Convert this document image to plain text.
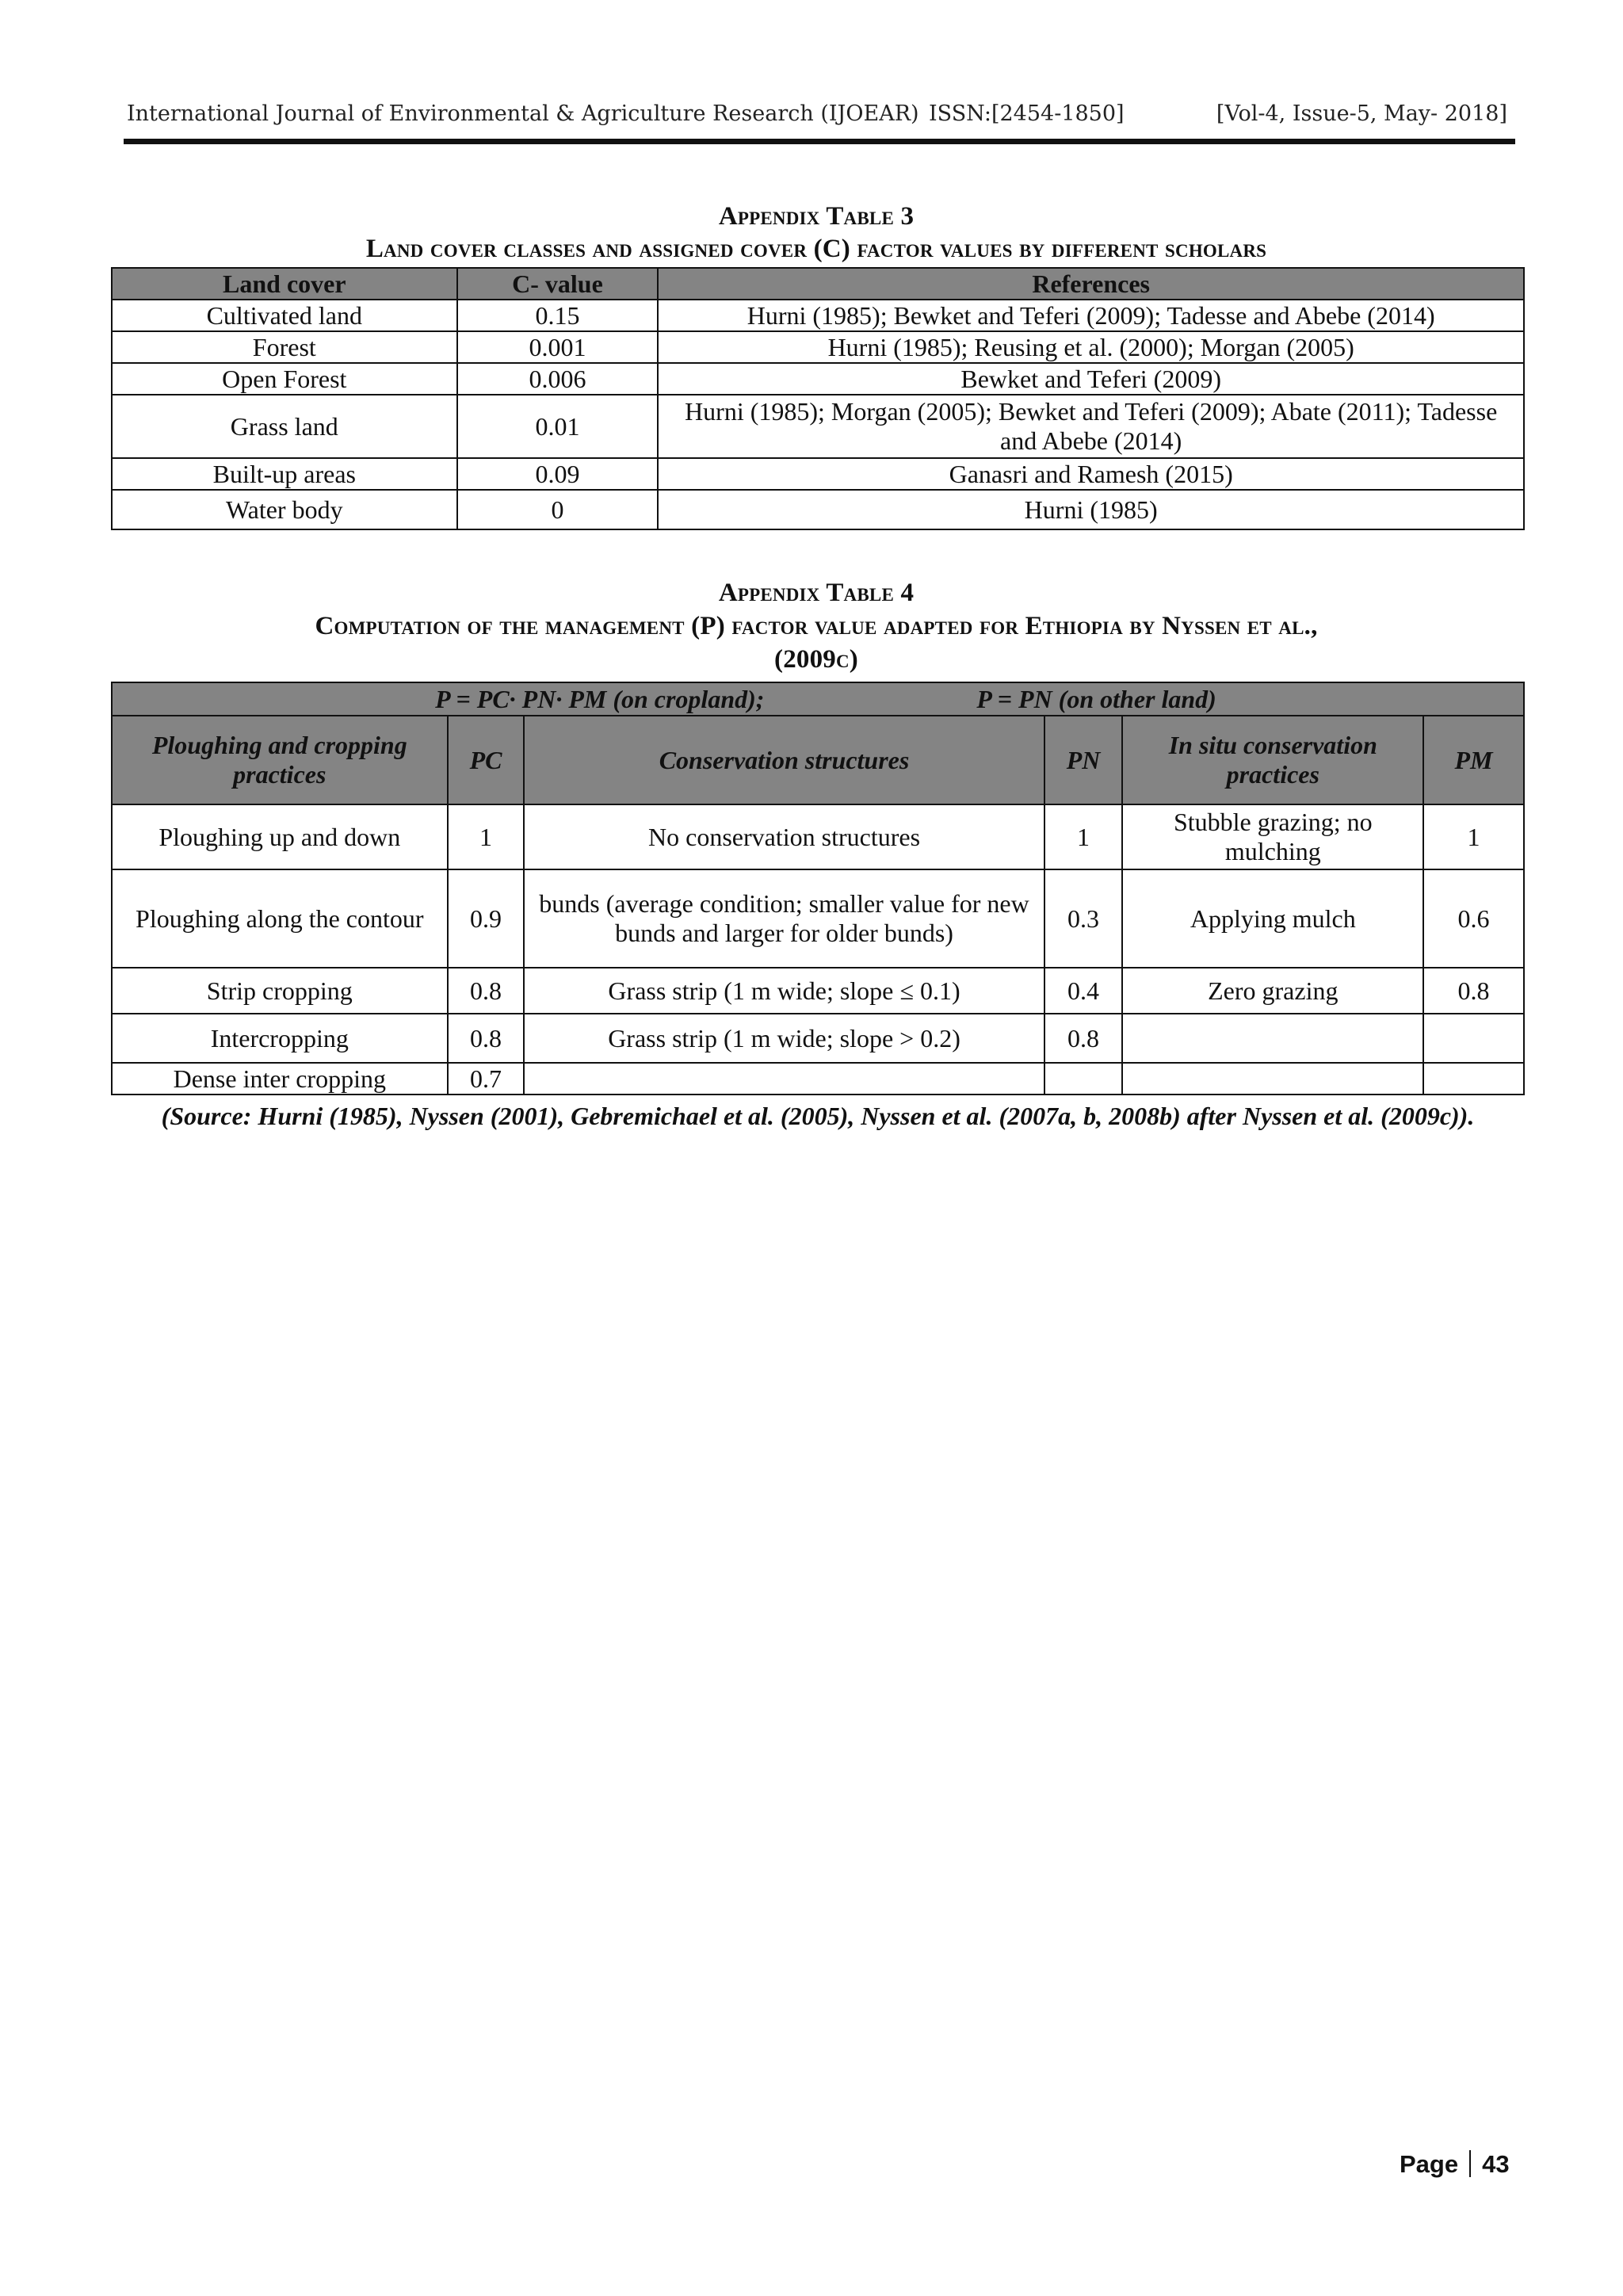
International Journal of Environmental & Agriculture Research (IJOEAR) ISSN:[2454-1850]	[Vol-4, Issue-5, May- 2018]
Appendix Table 3
Land cover classes and assigned cover (C) factor values by different scholars
Land cover	C- value	References
Cultivated land	0.15	Hurni (1985); Bewket and Teferi (2009); Tadesse and Abebe (2014)
Forest	0.001	Hurni (1985); Reusing et al. (2000); Morgan (2005)
Open Forest	0.006	Bewket and Teferi (2009)
Grass land	0.01	Hurni (1985); Morgan (2005); Bewket and Teferi (2009); Abate (2011); Tadesse and Abebe (2014)
Built-up areas	0.09	Ganasri and Ramesh (2015)
Water body	0	Hurni (1985)
Appendix Table 4
Computation of the management (P) factor value adapted for Ethiopia by Nyssen et al.,
(2009c)
P = PC· PN· PM (on cropland); P = PN (on other land)					
Ploughing and cropping practices	PC	Conservation structures	PN	In situ conservation practices	PM
Ploughing up and down	1	No conservation structures	1	Stubble grazing; no mulching	1
Ploughing along the contour	0.9	bunds (average condition; smaller value for new bunds and larger for older bunds)	0.3	Applying mulch	0.6
Strip cropping	0.8	Grass strip (1 m wide; slope ≤ 0.1)	0.4	Zero grazing	0.8
Intercropping	0.8	Grass strip (1 m wide; slope > 0.2)	0.8		
Dense inter cropping	0.7				
(Source: Hurni (1985), Nyssen (2001), Gebremichael et al. (2005), Nyssen et al. (2007a, b, 2008b) after Nyssen et al. (2009c)).
Page 43
